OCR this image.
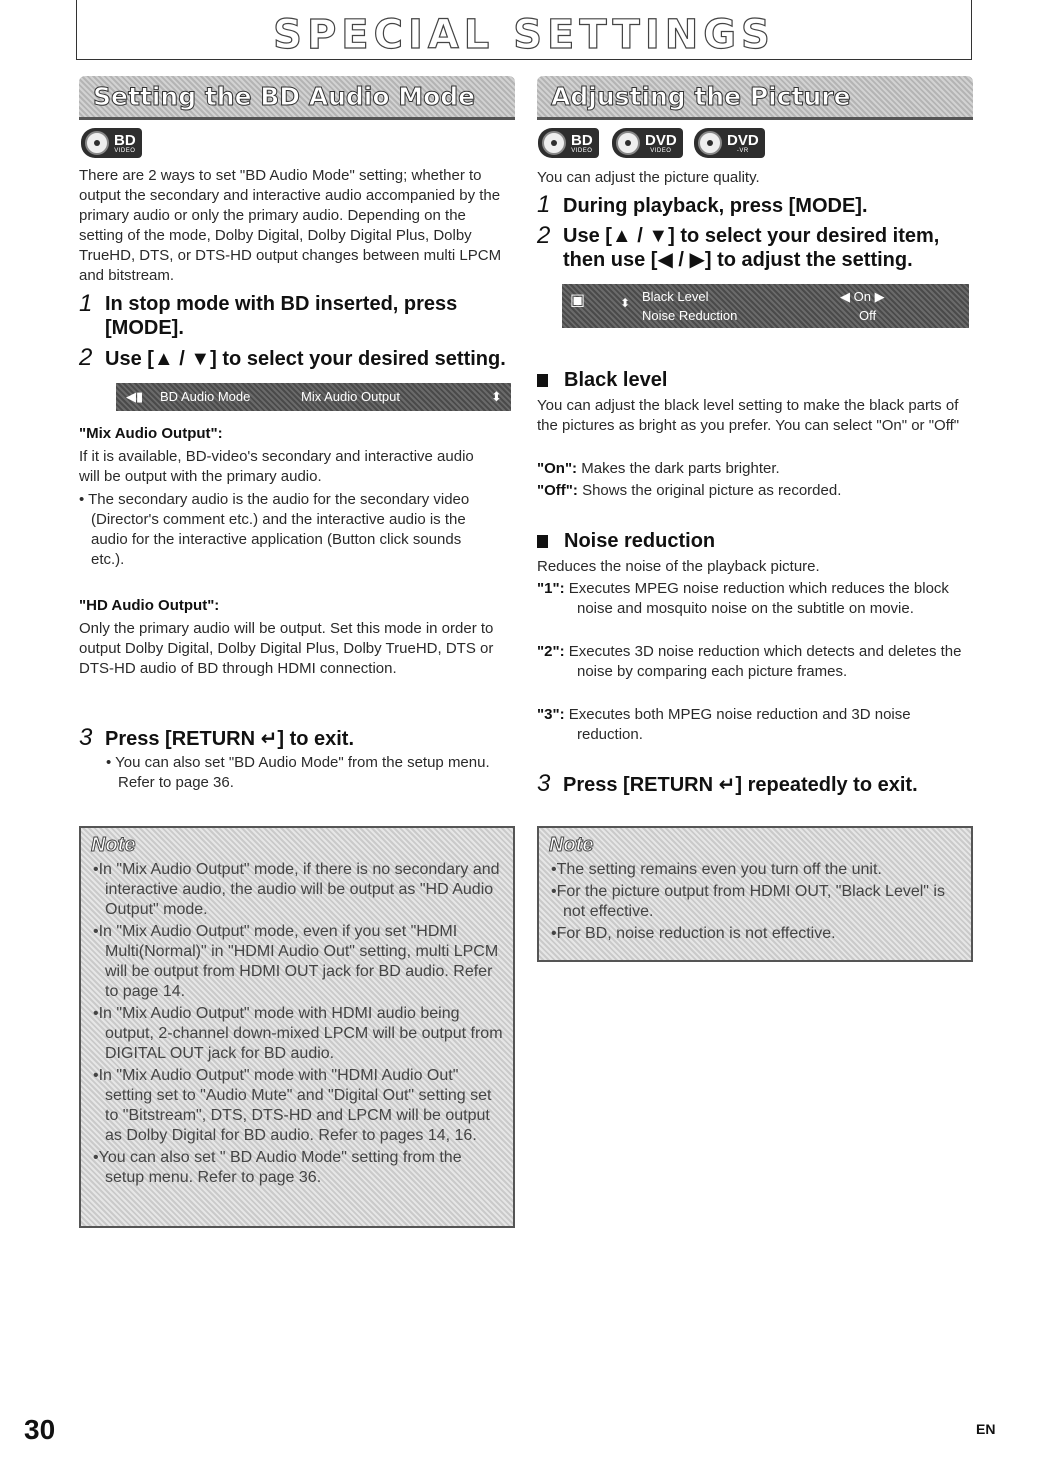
SPECIAL SETTINGS
Setting the BD Audio Mode
BD
VIDEO
There are 2 ways to set "BD Audio Mode" setting; whether to output the secondary and interactive audio accompanied by the primary audio or only the primary audio. Depending on the setting of the mode, Dolby Digital, Dolby Digital Plus, Dolby TrueHD, DTS, or DTS-HD output changes between multi LPCM and bitstream.
1 In stop mode with BD inserted, press [MODE].
2 Use [▲ / ▼] to select your desired setting.
◀▮ BD Audio Mode	Mix Audio Output	⬍
"Mix Audio Output":
If it is available, BD-video's secondary and interactive audio will be output with the primary audio.
• The secondary audio is the audio for the secondary video (Director's comment etc.) and the interactive audio is the audio for the interactive application (Button click sounds etc.).
"HD Audio Output":
Only the primary audio will be output. Set this mode in order to output Dolby Digital, Dolby Digital Plus, Dolby TrueHD, DTS or DTS-HD audio of BD through HDMI connection.
3 Press [RETURN ↵] to exit.
• You can also set "BD Audio Mode" from the setup menu. Refer to page 36.
Note
• In "Mix Audio Output" mode, if there is no secondary and interactive audio, the audio will be output as "HD Audio Output" mode.
• In "Mix Audio Output" mode, even if you set "HDMI Multi(Normal)" in "HDMI Audio Out" setting, multi LPCM will be output from HDMI OUT jack for BD audio. Refer to page 14.
• In "Mix Audio Output" mode with HDMI audio being output, 2-channel down-mixed LPCM will be output from DIGITAL OUT jack for BD audio.
• In "Mix Audio Output" mode with "HDMI Audio Out" setting set to "Audio Mute" and "Digital Out" setting set to "Bitstream", DTS, DTS-HD and LPCM will be output as Dolby Digital for BD audio. Refer to pages 14, 16.
• You can also set " BD Audio Mode" setting from the setup menu. Refer to page 36.
Adjusting the Picture
BD
VIDEO
DVD
VIDEO
DVD
-VR
You can adjust the picture quality.
1 During playback, press [MODE].
2 Use [▲ / ▼] to select your desired item, then use [◀ / ▶] to adjust the setting.
▣	⬍ Black Level	◀ On ▶
Noise Reduction	Off
Black level
You can adjust the black level setting to make the black parts of the pictures as bright as you prefer. You can select "On" or "Off"
"On": Makes the dark parts brighter.
"Off": Shows the original picture as recorded.
Noise reduction
Reduces the noise of the playback picture.
"1": Executes MPEG noise reduction which reduces the block noise and mosquito noise on the subtitle on movie.
"2": Executes 3D noise reduction which detects and deletes the noise by comparing each picture frames.
"3": Executes both MPEG noise reduction and 3D noise reduction.
3 Press [RETURN ↵] repeatedly to exit.
Note
• The setting remains even you turn off the unit.
• For the picture output from HDMI OUT, "Black Level" is not effective.
• For BD, noise reduction is not effective.
30	EN
